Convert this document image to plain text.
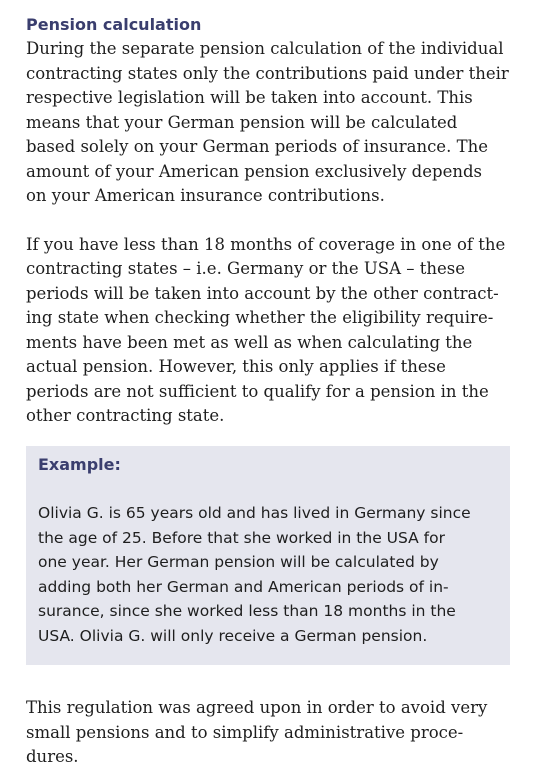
Pension calculation

During the separate pension calculation of the individual
contracting states only the contributions paid under their
respective legislation will be taken into account. This
means that your German pension will be calculated
based solely on your German periods of insurance. The
amount of your American pension exclusively depends
on your American insurance contributions.

If you have less than 18 months of coverage in one of the
contracting states – i.e. Germany or the USA – these
periods will be taken into account by the other contract-
ing state when checking whether the eligibility require-
ments have been met as well as when calculating the
actual pension. However, this only applies if these
periods are not sufficient to qualify for a pension in the
other contracting state.

Example:

Olivia G. is 65 years old and has lived in Germany since
the age of 25. Before that she worked in the USA for
one year. Her German pension will be calculated by
adding both her German and American periods of in-
surance, since she worked less than 18 months in the
USA. Olivia G. will only receive a German pension.

This regulation was agreed upon in order to avoid very
small pensions and to simplify administrative proce-
dures.
